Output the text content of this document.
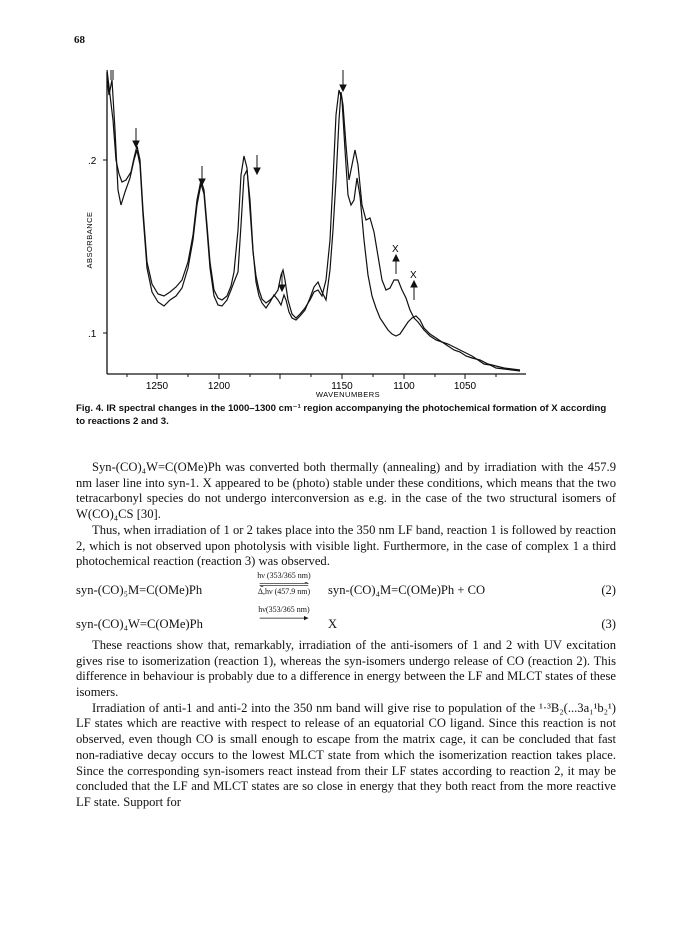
68
.2
.1
ABSORBANCE
1250	1200	1150	1100	1050
WAVENUMBERS
X
X
Fig. 4. IR spectral changes in the 1000–1300 cm⁻¹ region accompanying the photochemical formation of X according to reactions 2 and 3.

Syn-(CO)₄W=C(OMe)Ph was converted both thermally (annealing) and by irradiation with the 457.9 nm laser line into syn-1. X appeared to be (photo) stable under these conditions, which means that the two tetracarbonyl species do not undergo interconversion as e.g. in the case of the two structural isomers of W(CO)₄CS [30].

Thus, when irradiation of 1 or 2 takes place into the 350 nm LF band, reaction 1 is followed by reaction 2, which is not observed upon photolysis with visible light. Furthermore, in the case of complex 1 a third photochemical reaction (reaction 3) was observed.

syn-(CO)₅M=C(OMe)Ph
hν (353/365 nm)
Δ,hν (457.9 nm)	syn-(CO)₄M=C(OMe)Ph + CO	(2)
syn-(CO)₄W=C(OMe)Ph
hν(353/365 nm)
X	(3)

These reactions show that, remarkably, irradiation of the anti-isomers of 1 and 2 with UV excitation gives rise to isomerization (reaction 1), whereas the syn-isomers undergo release of CO (reaction 2). This difference in behaviour is probably due to a difference in energy between the LF and MLCT states of these isomers.

Irradiation of anti-1 and anti-2 into the 350 nm band will give rise to population of the ¹·³B₂(...3a₁¹b₂¹) LF states which are reactive with respect to release of an equatorial CO ligand. Since this reaction is not observed, even though CO is small enough to escape from the matrix cage, it can be concluded that fast non-radiative decay occurs to the lowest MLCT state from which the isomerization reaction takes place. Since the corresponding syn-isomers react instead from their LF states according to reaction 2, it may be concluded that the LF and MLCT states are so close in energy that they both react from the more reactive LF state. Support for
